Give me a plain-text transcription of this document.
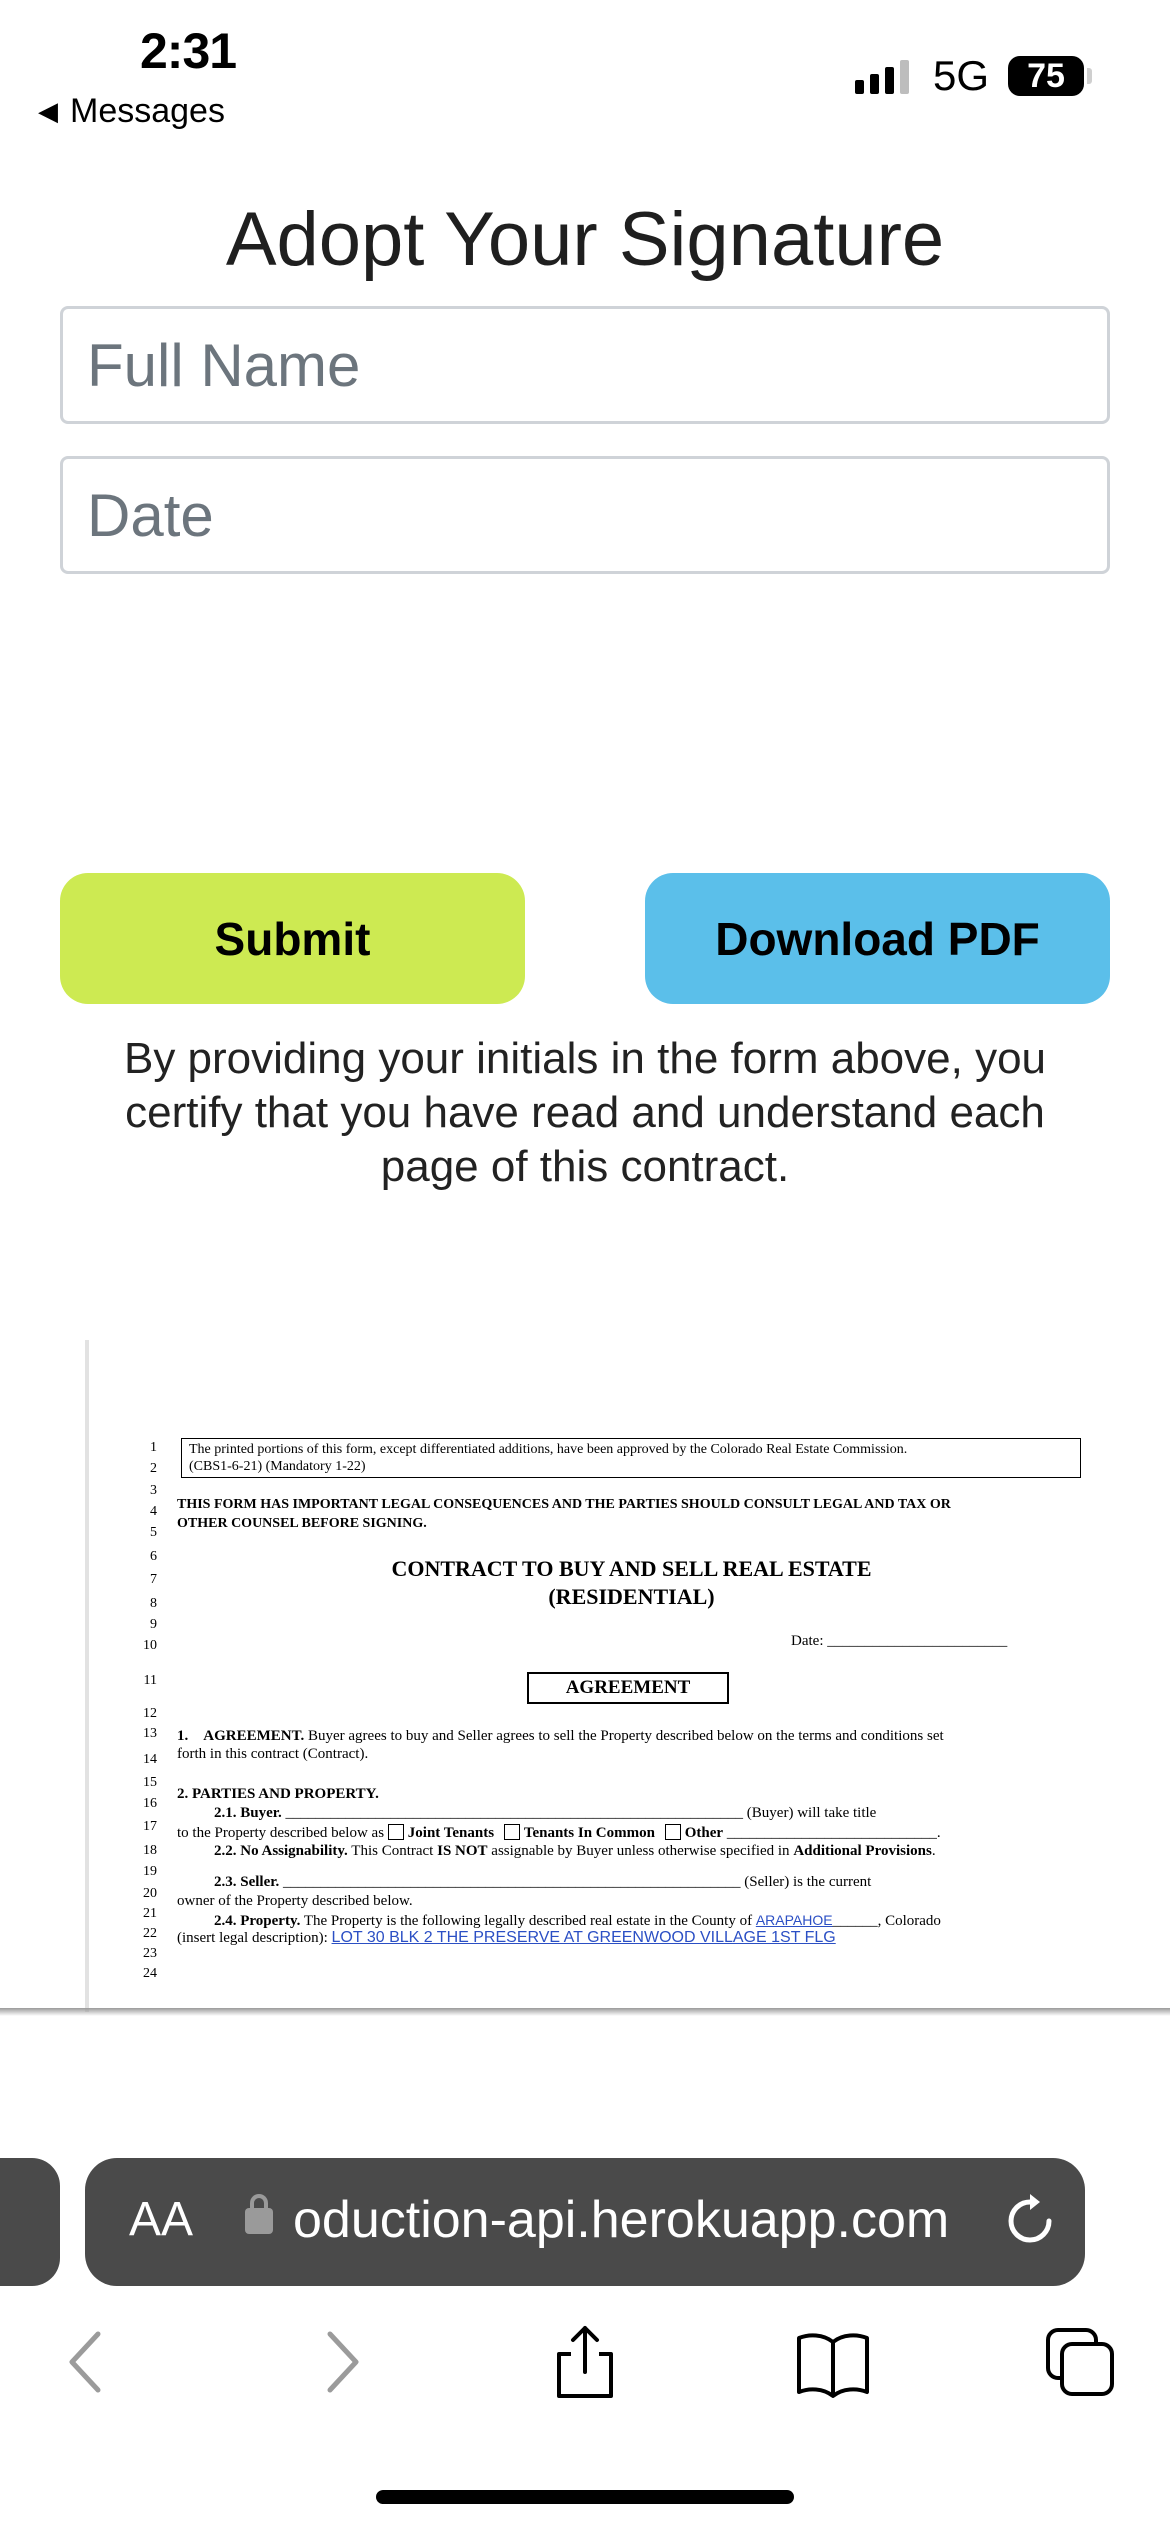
2:31
◀ Messages
5G	75
Adopt Your Signature
Full Name
Date
Submit	Download PDF

By providing your initials in the form above, you certify that you have read and understand each page of this contract.

1
2
3
4
5
6
7
8
9
10
11
12
13
14
15
16
17
18
19
20
21
22
23
24
The printed portions of this form, except differentiated additions, have been approved by the Colorado Real Estate Commission.
(CBS1-6-21) (Mandatory 1-22)
THIS FORM HAS IMPORTANT LEGAL CONSEQUENCES AND THE PARTIES SHOULD CONSULT LEGAL AND TAX OR
OTHER COUNSEL BEFORE SIGNING.
CONTRACT TO BUY AND SELL REAL ESTATE
(RESIDENTIAL)
Date: ________________________
AGREEMENT
1. AGREEMENT. Buyer agrees to buy and Seller agrees to sell the Property described below on the terms and conditions set
forth in this contract (Contract).
2. PARTIES AND PROPERTY.
2.1. Buyer. _____________________________________________________________ (Buyer) will take title
to the Property described below as Joint Tenants Tenants In Common Other ____________________________.
2.2. No Assignability. This Contract IS NOT assignable by Buyer unless otherwise specified in Additional Provisions.
2.3. Seller. _____________________________________________________________ (Seller) is the current
owner of the Property described below.
2.4. Property. The Property is the following legally described real estate in the County of ARAPAHOE______, Colorado
(insert legal description): LOT 30 BLK 2 THE PRESERVE AT GREENWOOD VILLAGE 1ST FLG
AA oduction-api.herokuapp.com
